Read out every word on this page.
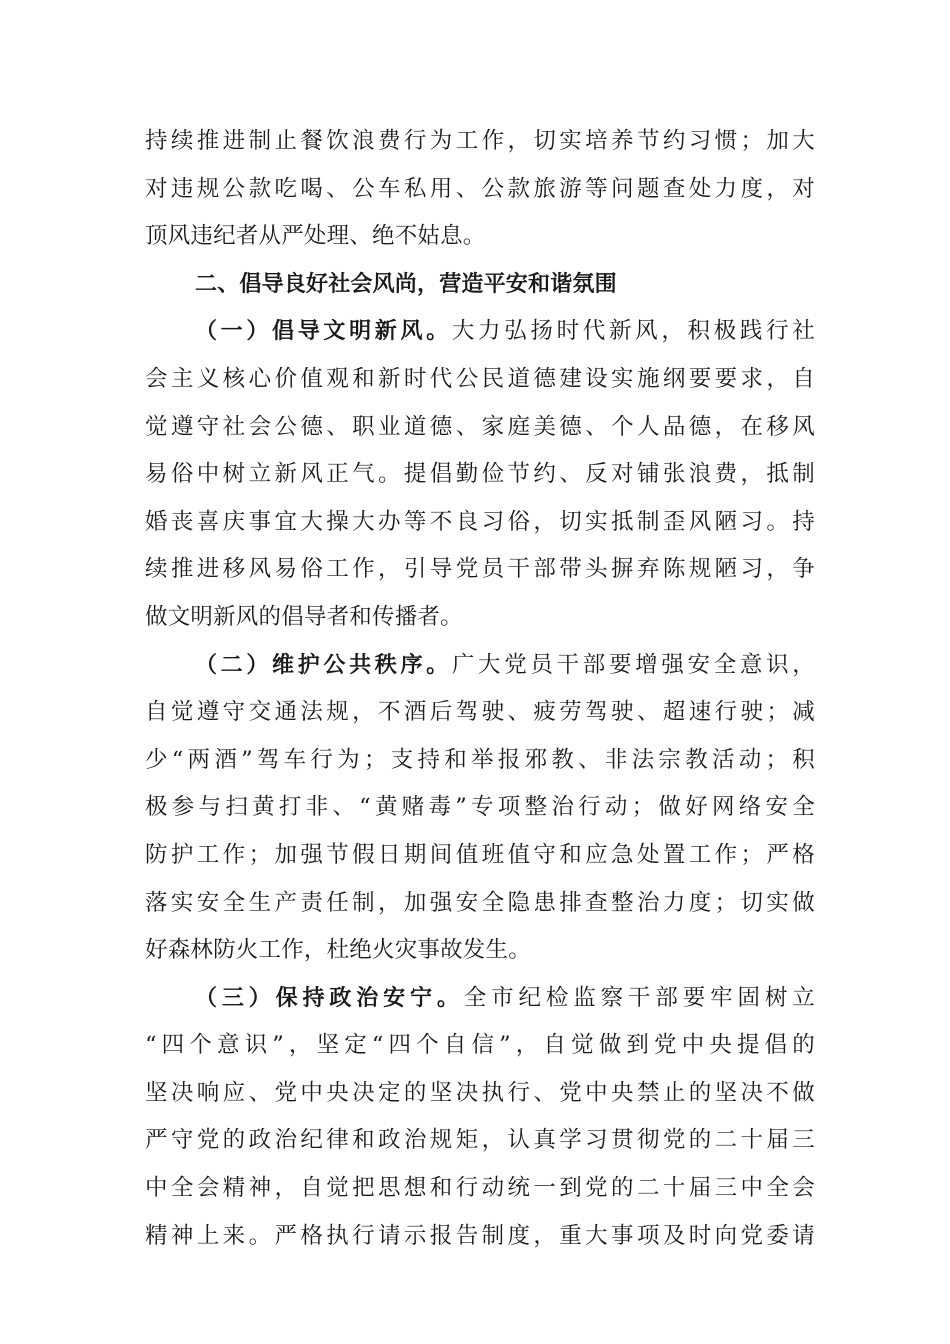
持续推进制止餐饮浪费行为工作，切实培养节约习惯；加大
对违规公款吃喝、公车私用、公款旅游等问题查处力度，对
顶风违纪者从严处理、绝不姑息。
二、倡导良好社会风尚，营造平安和谐氛围
（一）倡导文明新风。大力弘扬时代新风，积极践行社
会主义核心价值观和新时代公民道德建设实施纲要要求，自
觉遵守社会公德、职业道德、家庭美德、个人品德，在移风
易俗中树立新风正气。提倡勤俭节约、反对铺张浪费，抵制
婚丧喜庆事宜大操大办等不良习俗，切实抵制歪风陋习。持
续推进移风易俗工作，引导党员干部带头摒弃陈规陋习，争
做文明新风的倡导者和传播者。
（二）维护公共秩序。广大党员干部要增强安全意识，
自觉遵守交通法规，不酒后驾驶、疲劳驾驶、超速行驶；减
少“两酒”驾车行为；支持和举报邪教、非法宗教活动；积
极参与扫黄打非、“黄赌毒”专项整治行动；做好网络安全
防护工作；加强节假日期间值班值守和应急处置工作；严格
落实安全生产责任制，加强安全隐患排查整治力度；切实做
好森林防火工作，杜绝火灾事故发生。
（三）保持政治安宁。全市纪检监察干部要牢固树立
“四个意识”，坚定“四个自信”，自觉做到党中央提倡的
坚决响应、党中央决定的坚决执行、党中央禁止的坚决不做
严守党的政治纪律和政治规矩，认真学习贯彻党的二十届三
中全会精神，自觉把思想和行动统一到党的二十届三中全会
精神上来。严格执行请示报告制度，重大事项及时向党委请
